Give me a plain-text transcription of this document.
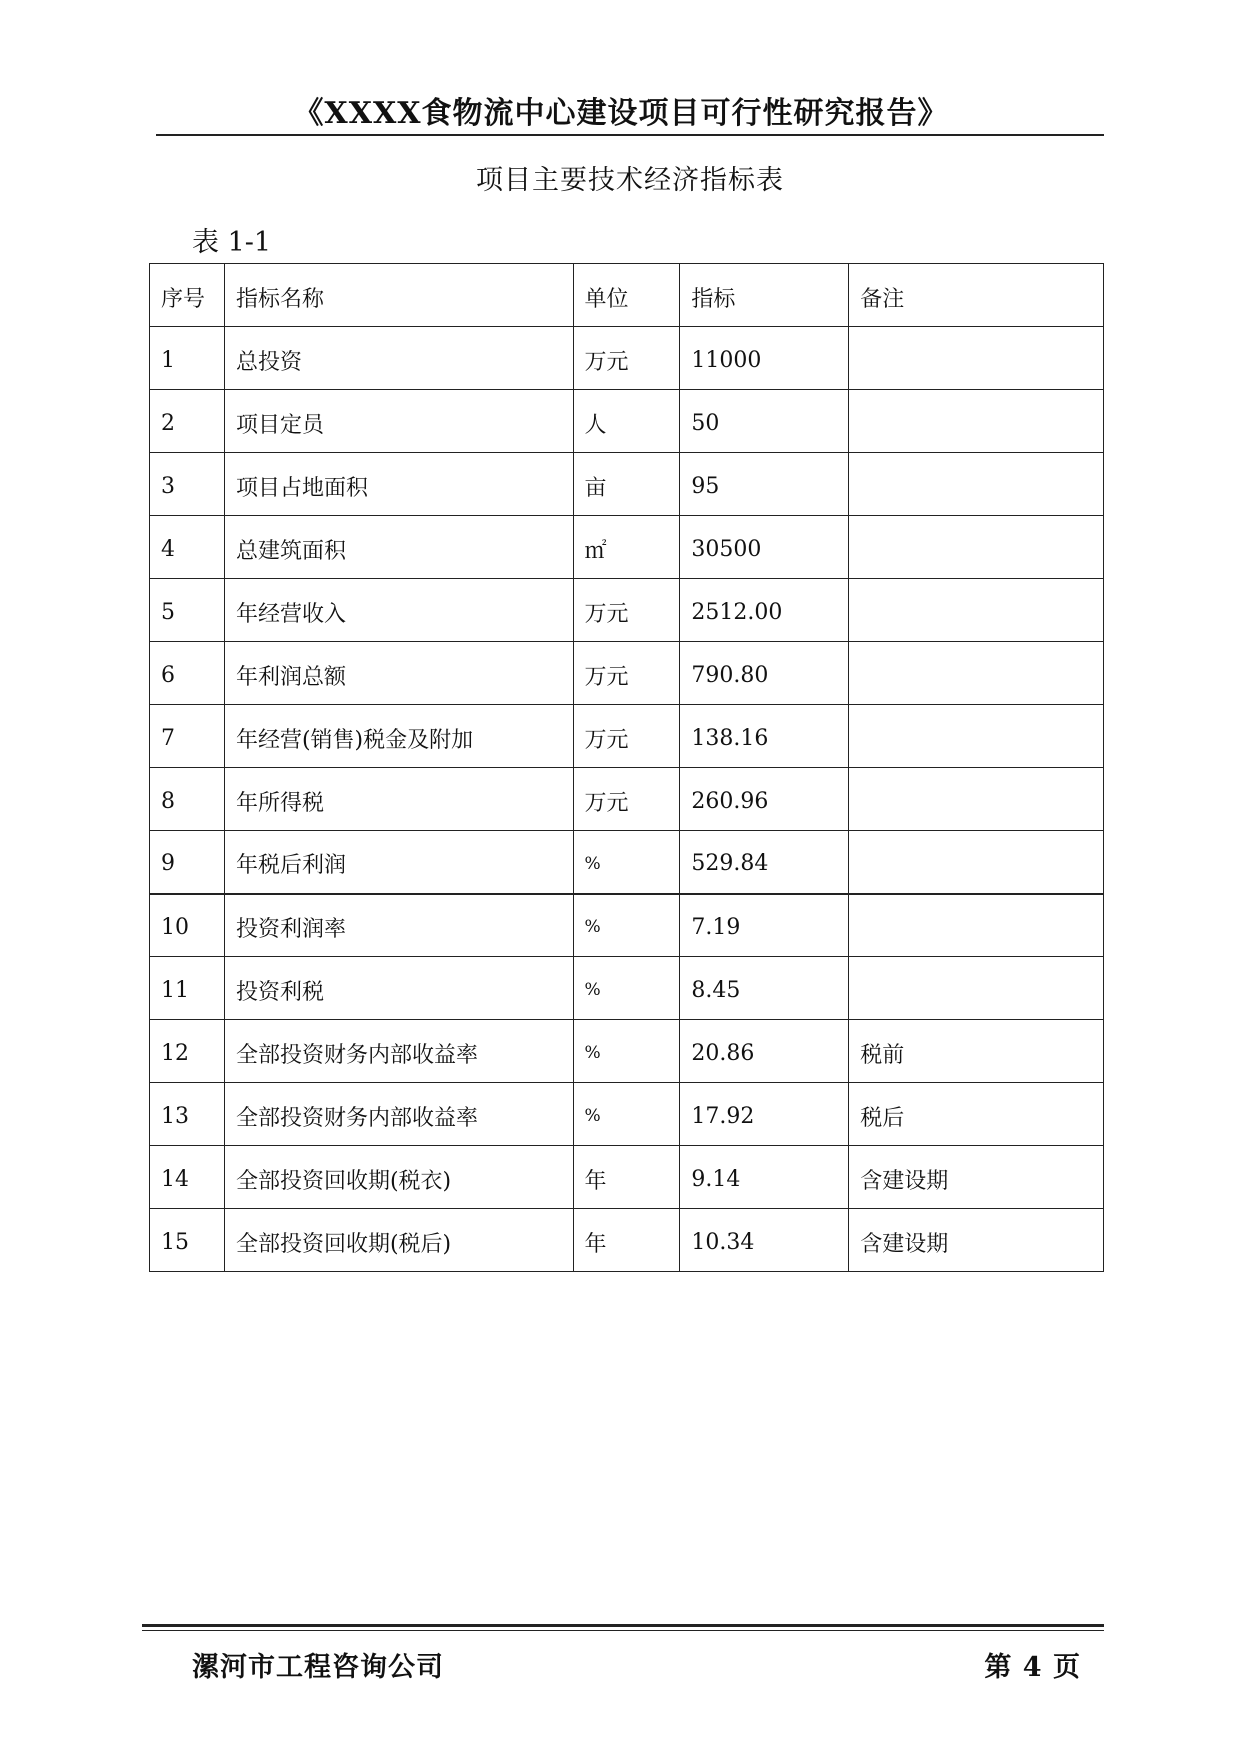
《XXXX食物流中心建设项目可行性研究报告》
项目主要技术经济指标表
表 1-1
序号	指标名称	单位	指标	备注
1	总投资	万元	11000	
2	项目定员	人	50	
3	项目占地面积	亩	95	
4	总建筑面积	㎡	30500	
5	年经营收入	万元	2512.00	
6	年利润总额	万元	790.80	
7	年经营(销售)税金及附加	万元	138.16	
8	年所得税	万元	260.96	
9	年税后利润	%	529.84	
10	投资利润率	%	7.19	
11	投资利税	%	8.45	
12	全部投资财务内部收益率	%	20.86	税前
13	全部投资财务内部收益率	%	17.92	税后
14	全部投资回收期(税衣)	年	9.14	含建设期
15	全部投资回收期(税后)	年	10.34	含建设期
漯河市工程咨询公司	第 4 页
